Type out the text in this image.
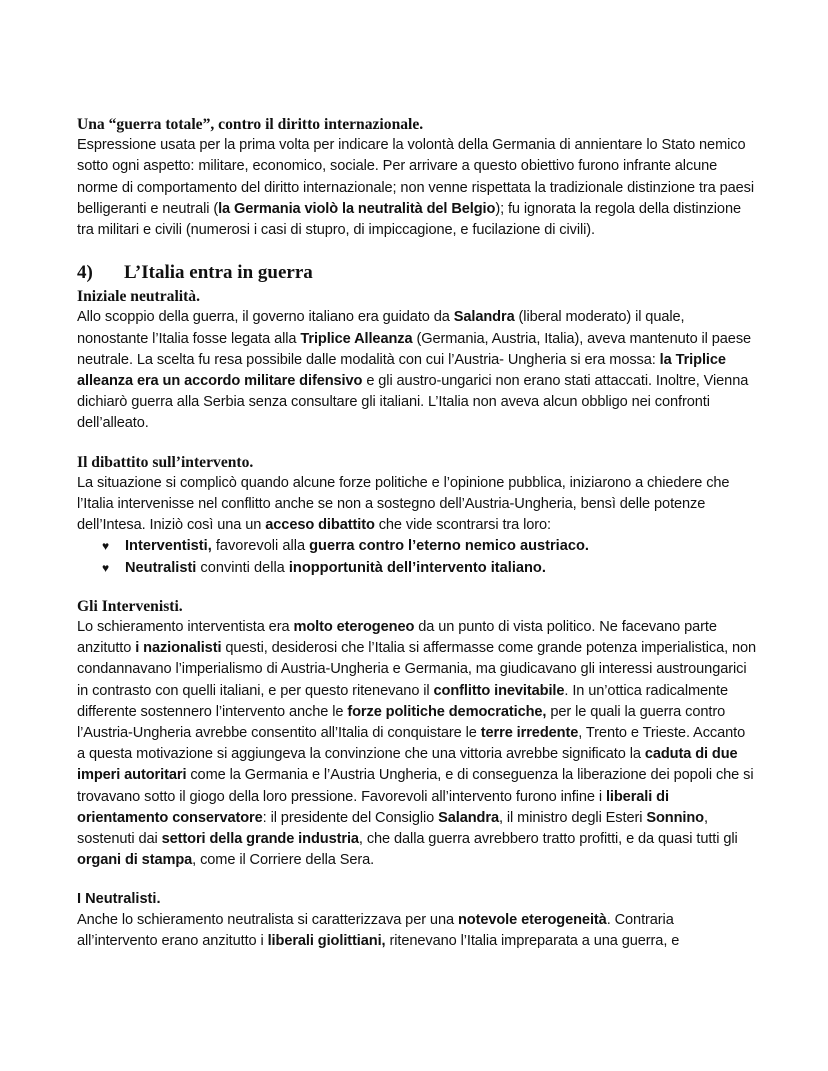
Una “guerra totale”, contro il diritto internazionale.

Espressione usata per la prima volta per indicare la volontà della Germania di annientare lo Stato nemico sotto ogni aspetto: militare, economico, sociale. Per arrivare a questo obiettivo furono infrante alcune norme di comportamento del diritto internazionale; non venne rispettata la tradizionale distinzione tra paesi belligeranti e neutrali (la Germania violò la neutralità del Belgio); fu ignorata la regola della distinzione tra militari e civili (numerosi i casi di stupro, di impiccagione, e fucilazione di civili).

4)	L’Italia entra in guerra
Iniziale neutralità.

Allo scoppio della guerra, il governo italiano era guidato da Salandra (liberal moderato) il quale, nonostante l’Italia fosse legata alla Triplice Alleanza (Germania, Austria, Italia), aveva mantenuto il paese neutrale. La scelta fu resa possibile dalle modalità con cui l’Austria- Ungheria si era mossa: la Triplice alleanza era un accordo militare difensivo e gli austro-ungarici non erano stati attaccati. Inoltre, Vienna dichiarò guerra alla Serbia senza consultare gli italiani. L’Italia non aveva alcun obbligo nei confronti dell’alleato.

Il dibattito sull’intervento.

La situazione si complicò quando alcune forze politiche e l’opinione pubblica, iniziarono a chiedere che l’Italia intervenisse nel conflitto anche se non a sostegno dell’Austria-Ungheria, bensì delle potenze dell’Intesa. Iniziò così una un acceso dibattito che vide scontrarsi tra loro:

♥	Interventisti, favorevoli alla guerra contro l’eterno nemico austriaco.
♥	Neutralisti convinti della inopportunità dell’intervento italiano.
Gli Intervenisti.

Lo schieramento interventista era molto eterogeneo da un punto di vista politico. Ne facevano parte anzitutto i nazionalisti questi, desiderosi che l’Italia si affermasse come grande potenza imperialistica, non condannavano l’imperialismo di Austria-Ungheria e Germania, ma giudicavano gli interessi austroungarici in contrasto con quelli italiani, e per questo ritenevano il conflitto inevitabile. In un’ottica radicalmente differente sostennero l’intervento anche le forze politiche democratiche, per le quali la guerra contro l’Austria-Ungheria avrebbe consentito all’Italia di conquistare le terre irredente, Trento e Trieste. Accanto a questa motivazione si aggiungeva la convinzione che una vittoria avrebbe significato la caduta di due imperi autoritari come la Germania e l’Austria Ungheria, e di conseguenza la liberazione dei popoli che si trovavano sotto il giogo della loro pressione. Favorevoli all’intervento furono infine i liberali di orientamento conservatore: il presidente del Consiglio Salandra, il ministro degli Esteri Sonnino, sostenuti dai settori della grande industria, che dalla guerra avrebbero tratto profitti, e da quasi tutti gli organi di stampa, come il Corriere della Sera.

I Neutralisti.

Anche lo schieramento neutralista si caratterizzava per una notevole eterogeneità. Contraria all’intervento erano anzitutto i liberali giolittiani, ritenevano l’Italia impreparata a una guerra, e
